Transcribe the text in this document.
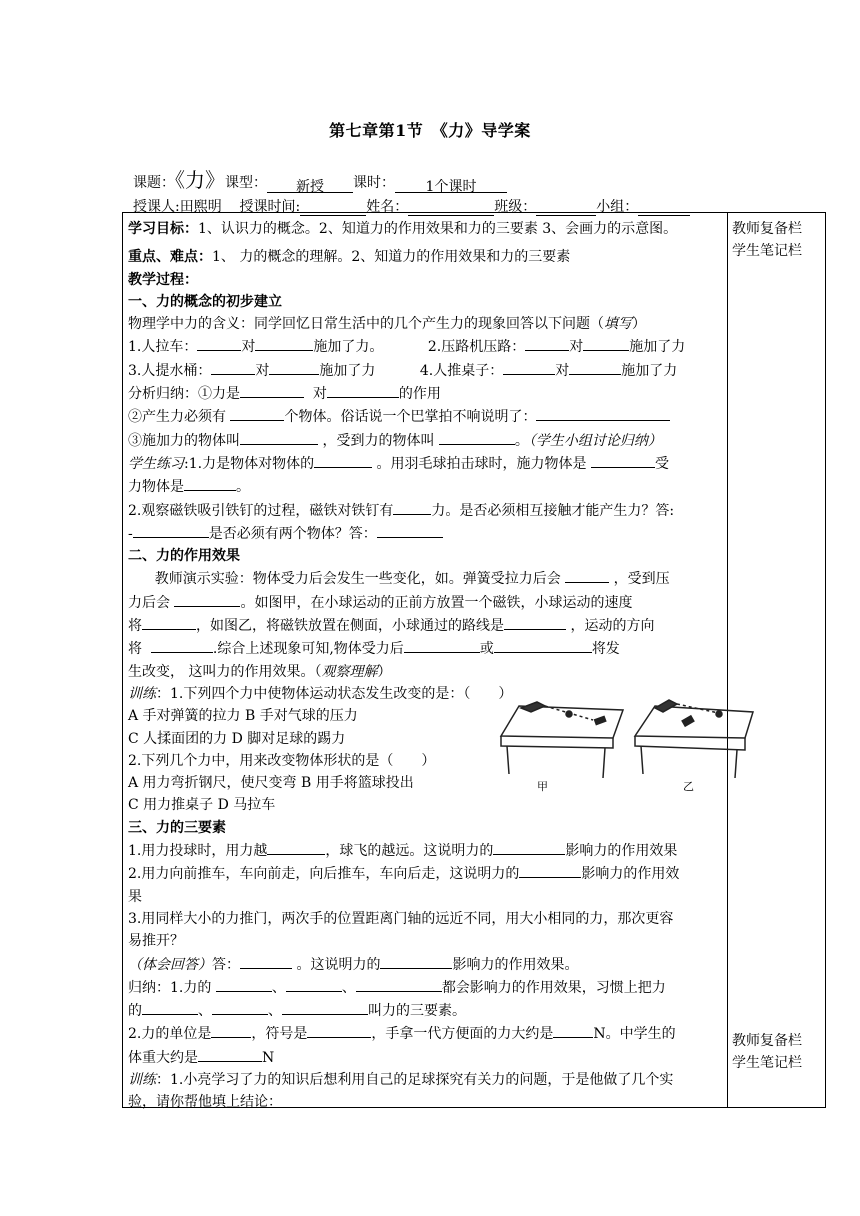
第七章第1节　《力》导学案
课题：《力》课型： 新授 课时： 1个课时
授课人:田熙明 授课时间:	姓名：	班级：	小组：
教师复备栏
学生笔记栏
教师复备栏
学生笔记栏

学习目标：1、认识力的概念。2、知道力的作用效果和力的三要素 3、会画力的示意图。

重点、难点：1、 力的概念的理解。2、知道力的作用效果和力的三要素

教学过程：

一、力的概念的初步建立

物理学中力的含义：同学回忆日常生活中的几个产生力的现象回答以下问题（填写）

1.人拉车：	对	施加了力。	2.压路机压路：	对	施加了力

3.人提水桶：	对	施加了力	4.人推桌子：	对	施加了力

分析归纳：①力是	对	的作用

②产生力必须有	个物体。俗话说一个巴掌拍不响说明了：

③施加力的物体叫	，受到力的物体叫	。（学生小组讨论归纳）

学生练习:1.力是物体对物体的	。用羽毛球拍击球时，施力物体是	受

力物体是	。

2.观察磁铁吸引铁钉的过程，磁铁对铁钉有	力。是否必须相互接触才能产生力？答:

-	是否必须有两个物体？答：

二、力的作用效果

教师演示实验：物体受力后会发生一些变化，如。弹簧受拉力后会	，受到压

力后会	。如图甲，在小球运动的正前方放置一个磁铁，小球运动的速度

将	，如图乙，将磁铁放置在侧面，小球通过的路线是	，运动的方向

将	.综合上述现象可知,物体受力后	或	将发

生改变， 这叫力的作用效果。（观察理解）

训练：1.下列四个力中使物体运动状态发生改变的是：（　　）

A 手对弹簧的拉力 B 手对气球的压力

C 人揉面团的力 D 脚对足球的踢力

2.下列几个力中，用来改变物体形状的是（　　）

A 用力弯折钢尺，使尺变弯 B 用手将篮球投出

C 用力推桌子 D 马拉车

三、力的三要素

1.用力投球时，用力越	，球飞的越远。这说明力的	影响力的作用效果

2.用力向前推车，车向前走，向后推车，车向后走，这说明力的	影响力的作用效

果

3.用同样大小的力推门，两次手的位置距离门轴的远近不同，用大小相同的力，那次更容

易推开？

（体会回答）答：	。这说明力的	影响力的作用效果。

归纳：1.力的	、	、	都会影响力的作用效果，习惯上把力

的	、	、	叫力的三要素。

2.力的单位是	，符号是	，手拿一代方便面的力大约是	N。中学生的

体重大约是	N

训练：1.小亮学习了力的知识后想利用自己的足球探究有关力的问题，于是他做了几个实

验，请你帮他填上结论：

甲	乙
